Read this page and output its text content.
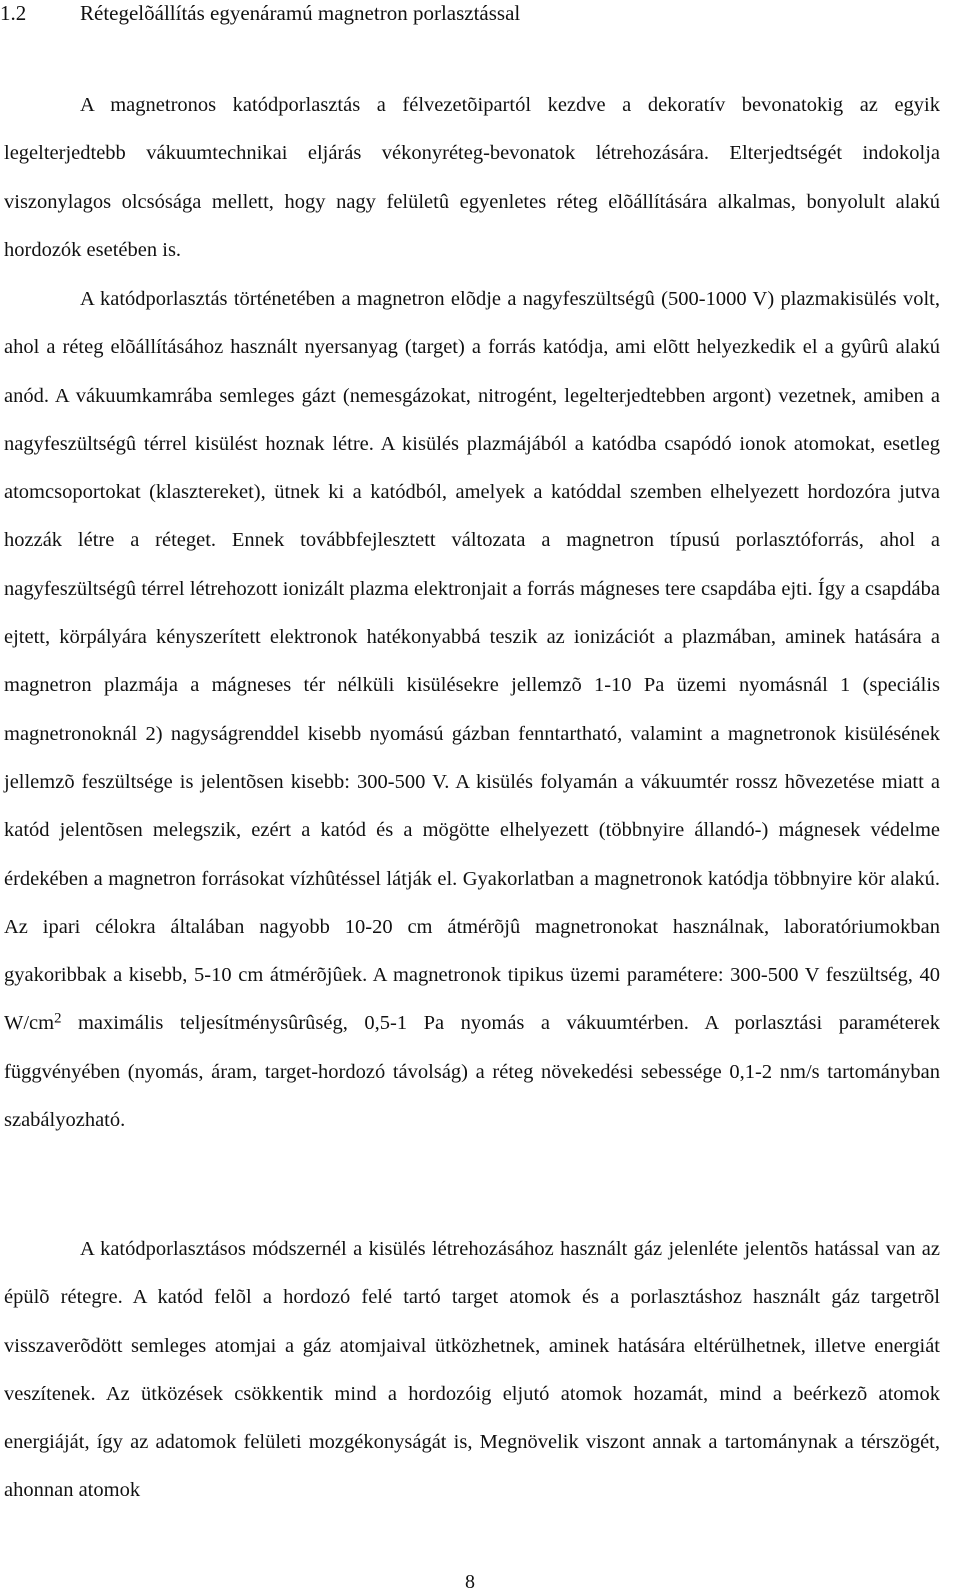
1.2	Rétegelõállítás egyenáramú magnetron porlasztással

A magnetronos katódporlasztás a félvezetõipartól kezdve a dekoratív bevonatokig az egyik legelterjedtebb vákuumtechnikai eljárás vékonyréteg-bevonatok létrehozására. Elterjedtségét indokolja viszonylagos olcsósága mellett, hogy nagy felületû egyenletes réteg elõállítására alkalmas, bonyolult alakú hordozók esetében is.

A katódporlasztás történetében a magnetron elõdje a nagyfeszültségû (500-1000 V) plazmakisülés volt, ahol a réteg elõállításához használt nyersanyag (target) a forrás katódja, ami elõtt helyezkedik el a gyûrû alakú anód. A vákuumkamrába semleges gázt (nemesgázokat, nitrogént, legelterjedtebben argont) vezetnek, amiben a nagyfeszültségû térrel kisülést hoznak létre. A kisülés plazmájából a katódba csapódó ionok atomokat, esetleg atomcsoportokat (klasztereket), ütnek ki a katódból, amelyek a katóddal szemben elhelyezett hordozóra jutva hozzák létre a réteget. Ennek továbbfejlesztett változata a magnetron típusú porlasztóforrás, ahol a nagyfeszültségû térrel létrehozott ionizált plazma elektronjait a forrás mágneses tere csapdába ejti. Így a csapdába ejtett, körpályára kényszerített elektronok hatékonyabbá teszik az ionizációt a plazmában, aminek hatására a magnetron plazmája a mágneses tér nélküli kisülésekre jellemzõ 1-10 Pa üzemi nyomásnál 1 (speciális magnetronoknál 2) nagyságrenddel kisebb nyomású gázban fenntartható, valamint a magnetronok kisülésének jellemzõ feszültsége is jelentõsen kisebb: 300-500 V. A kisülés folyamán a vákuumtér rossz hõvezetése miatt a katód jelentõsen melegszik, ezért a katód és a mögötte elhelyezett (többnyire állandó-) mágnesek védelme érdekében a magnetron forrásokat vízhûtéssel látják el. Gyakorlatban a magnetronok katódja többnyire kör alakú. Az ipari célokra általában nagyobb 10-20 cm átmérõjû magnetronokat használnak, laboratóriumokban gyakoribbak a kisebb, 5-10 cm átmérõjûek. A magnetronok tipikus üzemi paramétere: 300-500 V feszültség, 40 $W/cm^2$ maximális teljesítménysûrûség, 0,5-1 Pa nyomás a vákuumtérben. A porlasztási paraméterek függvényében (nyomás, áram, target-hordozó távolság) a réteg növekedési sebessége 0,1-2 nm/s tartományban szabályozható.

A katódporlasztásos módszernél a kisülés létrehozásához használt gáz jelenléte jelentõs hatással van az épülõ rétegre. A katód felõl a hordozó felé tartó target atomok és a porlasztáshoz használt gáz targetrõl visszaverõdött semleges atomjai a gáz atomjaival ütközhetnek, aminek hatására eltérülhetnek, illetve energiát veszítenek. Az ütközések csökkentik mind a hordozóig eljutó atomok hozamát, mind a beérkezõ atomok energiáját, így az adatomok felületi mozgékonyságát is, Megnövelik viszont annak a tartománynak a térszögét, ahonnan atomok

8
